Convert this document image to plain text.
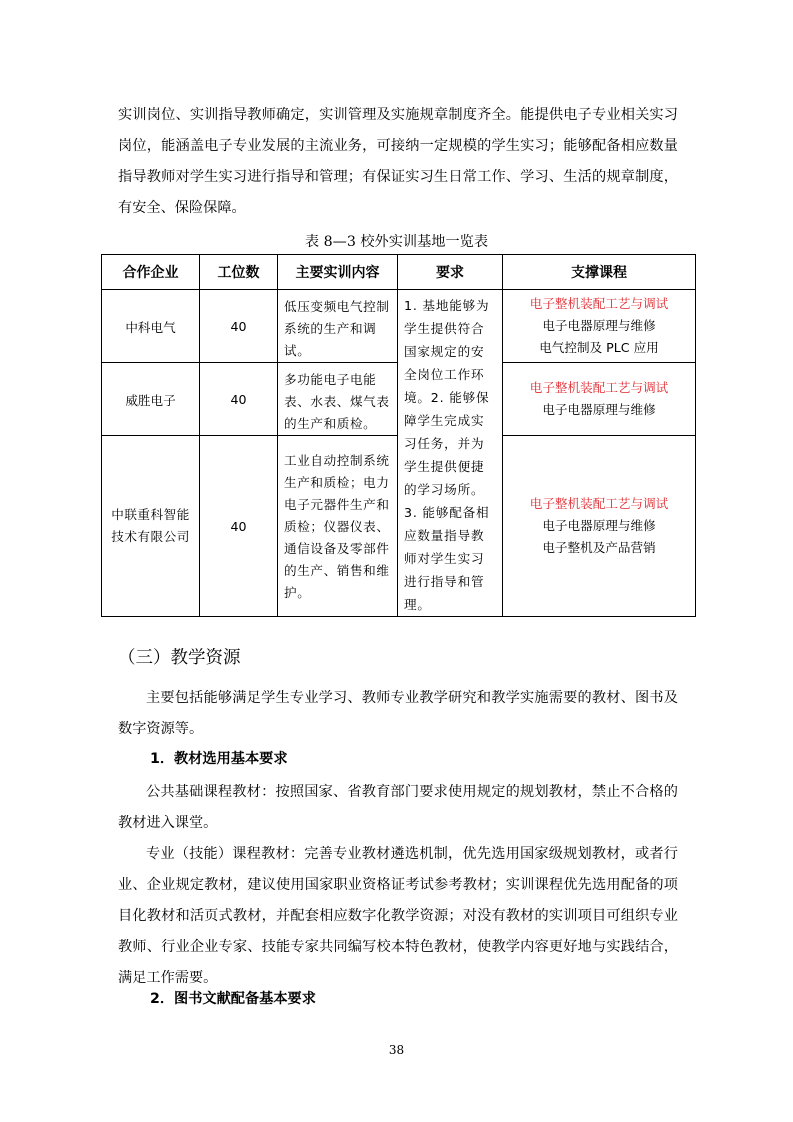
实训岗位、实训指导教师确定，实训管理及实施规章制度齐全。能提供电子专业相关实习岗位，能涵盖电子专业发展的主流业务，可接纳一定规模的学生实习；能够配备相应数量指导教师对学生实习进行指导和管理；有保证实习生日常工作、学习、生活的规章制度，有安全、保险保障。

表 8—3 校外实训基地一览表
合作企业	工位数	主要实训内容	要求	支撑课程
中科电气	40	低压变频电气控制系统的生产和调试。	1. 基地能够为学生提供符合国家规定的安全岗位工作环境。2. 能够保障学生完成实习任务，并为学生提供便捷的学习场所。3. 能够配备相应数量指导教师对学生实习进行指导和管理。	电子整机装配工艺与调试
电子电器原理与维修
电气控制及 PLC 应用

威胜电子	40	多功能电子电能表、水表、煤气表的生产和质检。		电子整机装配工艺与调试
电子电器原理与维修

中联重科智能技术有限公司	40	工业自动控制系统生产和质检；电力电子元器件生产和质检；仪器仪表、通信设备及零部件的生产、销售和维护。		电子整机装配工艺与调试
电子电器原理与维修
电子整机及产品营销
（三）教学资源

主要包括能够满足学生专业学习、教师专业教学研究和教学实施需要的教材、图书及数字资源等。

1．教材选用基本要求

公共基础课程教材：按照国家、省教育部门要求使用规定的规划教材，禁止不合格的教材进入课堂。

专业（技能）课程教材：完善专业教材遴选机制，优先选用国家级规划教材，或者行业、企业规定教材，建议使用国家职业资格证考试参考教材；实训课程优先选用配备的项目化教材和活页式教材，并配套相应数字化教学资源；对没有教材的实训项目可组织专业教师、行业企业专家、技能专家共同编写校本特色教材，使教学内容更好地与实践结合，满足工作需要。

2．图书文献配备基本要求
38
